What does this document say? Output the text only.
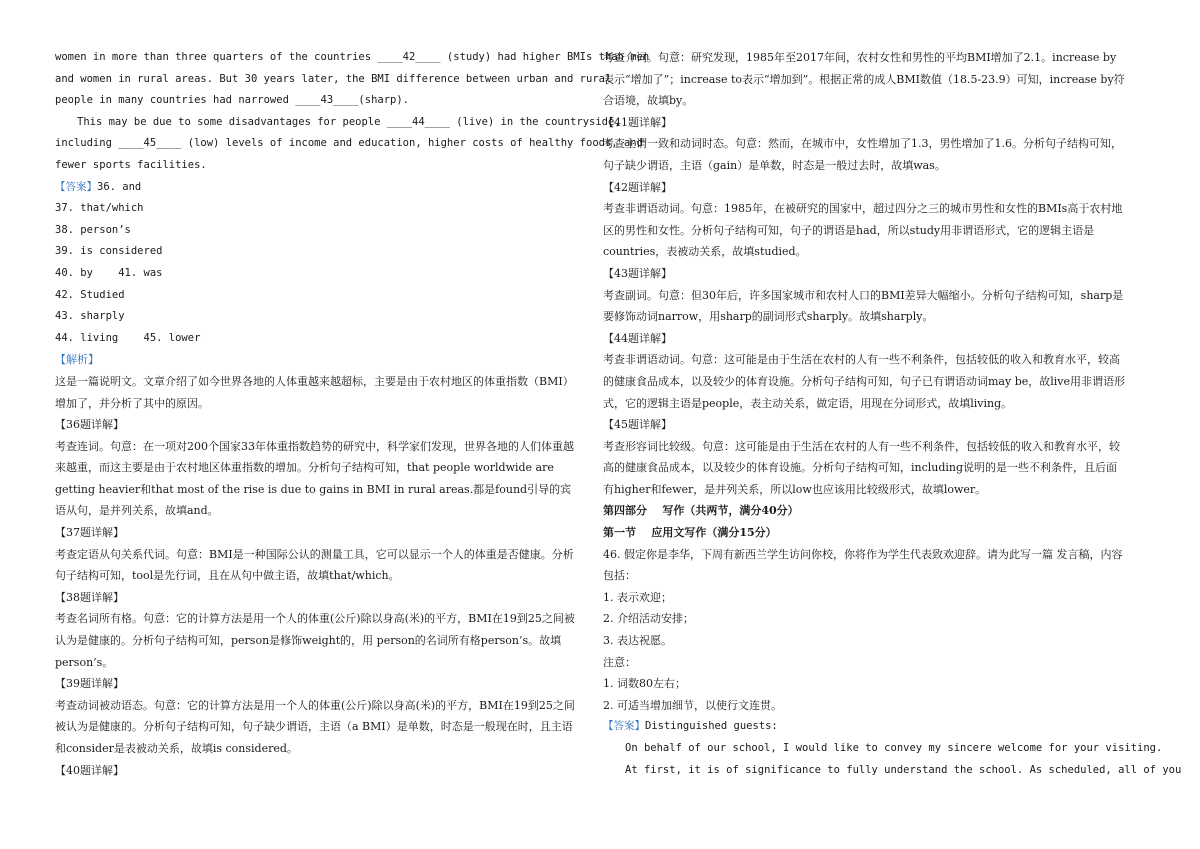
women in more than three quarters of the countries ____42____ (study) had higher BMIs than men
and women in rural areas. But 30 years later, the BMI difference between urban and rural
people in many countries had narrowed ____43____(sharp).
This may be due to some disadvantages for people ____44____ (live) in the countryside,
including ____45____ (low) levels of income and education, higher costs of healthy foods, and
fewer sports facilities.
【答案】36. and
37. that/which
38. person’s
39. is considered
40. by    41. was
42. Studied
43. sharply
44. living    45. lower
【解析】
这是一篇说明文。文章介绍了如今世界各地的人体重越来越超标，主要是由于农村地区的体重指数（BMI）增加了，并分析了其中的原因。
【36题详解】
考查连词。句意：在一项对200个国家33年体重指数趋势的研究中，科学家们发现，世界各地的人们体重越来越重，而这主要是由于农村地区体重指数的增加。分析句子结构可知，that people worldwide are getting heavier和that most of the rise is due to gains in BMI in rural areas.都是found引导的宾语从句，是并列关系，故填and。
【37题详解】
考查定语从句关系代词。句意：BMI是一种国际公认的测量工具，它可以显示一个人的体重是否健康。分析句子结构可知，tool是先行词，且在从句中做主语，故填that/which。
【38题详解】
考查名词所有格。句意：它的计算方法是用一个人的体重(公斤)除以身高(米)的平方，BMI在19到25之间被认为是健康的。分析句子结构可知，person是修饰weight的，用 person的名词所有格person’s。故填person’s。
【39题详解】
考查动词被动语态。句意：它的计算方法是用一个人的体重(公斤)除以身高(米)的平方，BMI在19到25之间被认为是健康的。分析句子结构可知，句子缺少谓语，主语（a BMI）是单数，时态是一般现在时，且主语和consider是表被动关系，故填is considered。
【40题详解】
考查介词。句意：研究发现，1985年至2017年间，农村女性和男性的平均BMI增加了2.1。increase by表示“增加了”；increase to表示“增加到”。根据正常的成人BMI数值（18.5-23.9）可知，increase by符合语境，故填by。
【41题详解】
考查主谓一致和动词时态。句意：然而，在城市中，女性增加了1.3，男性增加了1.6。分析句子结构可知，句子缺少谓语，主语（gain）是单数，时态是一般过去时，故填was。
【42题详解】
考查非谓语动词。句意：1985年，在被研究的国家中，超过四分之三的城市男性和女性的BMIs高于农村地区的男性和女性。分析句子结构可知，句子的谓语是had，所以study用非谓语形式，它的逻辑主语是countries，表被动关系，故填studied。
【43题详解】
考查副词。句意：但30年后，许多国家城市和农村人口的BMI差异大幅缩小。分析句子结构可知，sharp是要修饰动词narrow，用sharp的副词形式sharply。故填sharply。
【44题详解】
考查非谓语动词。句意：这可能是由于生活在农村的人有一些不利条件，包括较低的收入和教育水平，较高的健康食品成本，以及较少的体育设施。分析句子结构可知，句子已有谓语动词may be，故live用非谓语形式，它的逻辑主语是people，表主动关系，做定语，用现在分词形式，故填living。
【45题详解】
考查形容词比较级。句意：这可能是由于生活在农村的人有一些不利条件，包括较低的收入和教育水平，较高的健康食品成本，以及较少的体育设施。分析句子结构可知，including说明的是一些不利条件，且后面有higher和fewer，是并列关系，所以low也应该用比较级形式，故填lower。
第四部分    写作（共两节，满分40分）
第一节    应用文写作（满分15分）
46. 假定你是李华，下周有新西兰学生访问你校，你将作为学生代表致欢迎辞。请为此写一篇 发言稿，内容包括：
1. 表示欢迎；
2. 介绍活动安排；
3. 表达祝愿。
注意：
1. 词数80左右；
2. 可适当增加细节，以使行文连贯。
【答案】Distinguished guests:
On behalf of our school, I would like to convey my sincere welcome for your visiting.
At first, it is of significance to fully understand the school. As scheduled, all of you
